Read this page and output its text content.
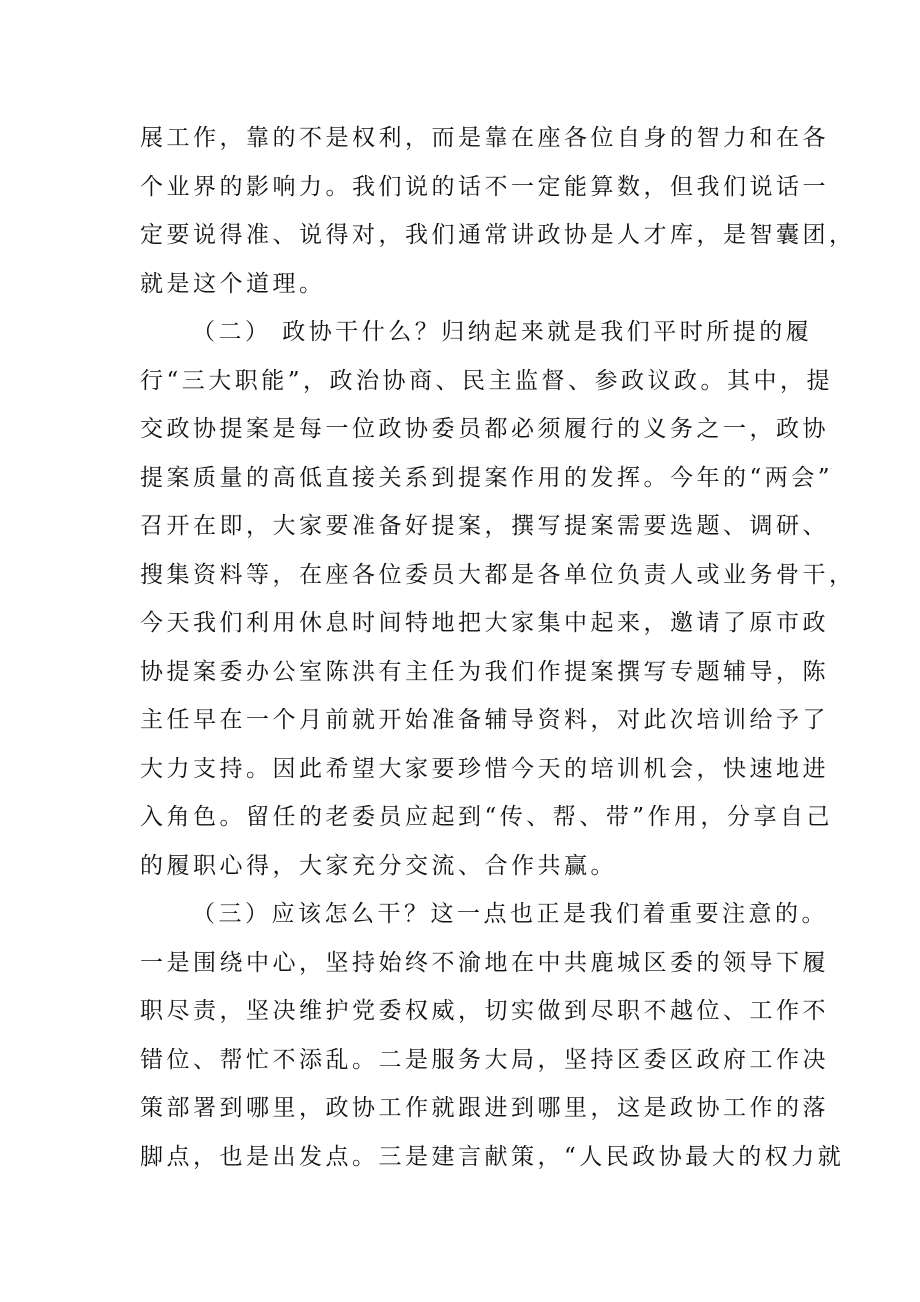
展工作，靠的不是权利，而是靠在座各位自身的智力和在各
个业界的影响力。我们说的话不一定能算数，但我们说话一
定要说得准、说得对，我们通常讲政协是人才库，是智囊团，
就是这个道理。
（二） 政协干什么？归纳起来就是我们平时所提的履
行“三大职能”，政治协商、民主监督、参政议政。其中，提
交政协提案是每一位政协委员都必须履行的义务之一，政协
提案质量的高低直接关系到提案作用的发挥。今年的“两会”
召开在即，大家要准备好提案，撰写提案需要选题、调研、
搜集资料等，在座各位委员大都是各单位负责人或业务骨干，
今天我们利用休息时间特地把大家集中起来，邀请了原市政
协提案委办公室陈洪有主任为我们作提案撰写专题辅导，陈
主任早在一个月前就开始准备辅导资料，对此次培训给予了
大力支持。因此希望大家要珍惜今天的培训机会，快速地进
入角色。留任的老委员应起到“传、帮、带”作用，分享自己
的履职心得，大家充分交流、合作共赢。
（三）应该怎么干？这一点也正是我们着重要注意的。
一是围绕中心，坚持始终不渝地在中共鹿城区委的领导下履
职尽责，坚决维护党委权威，切实做到尽职不越位、工作不
错位、帮忙不添乱。二是服务大局，坚持区委区政府工作决
策部署到哪里，政协工作就跟进到哪里，这是政协工作的落
脚点，也是出发点。三是建言献策，“人民政协最大的权力就
